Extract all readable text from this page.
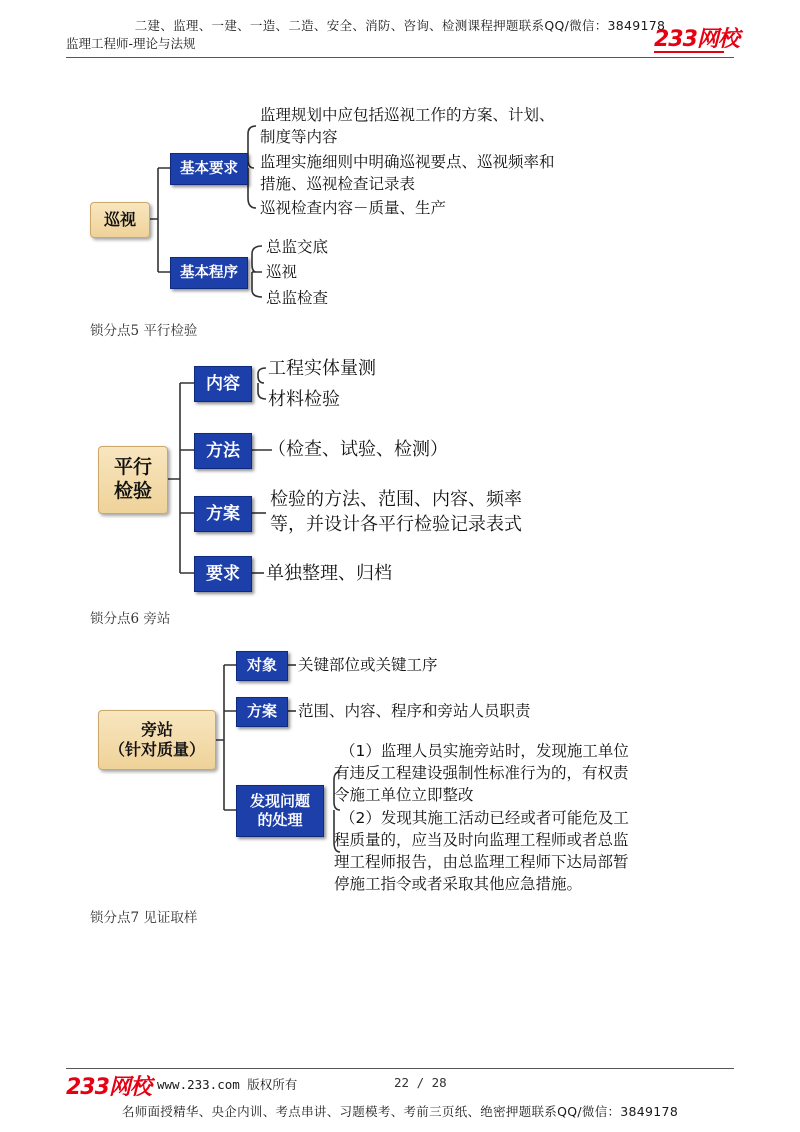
二建、监理、一建、一造、二造、安全、消防、咨询、检测课程押题联系QQ/微信：3849178
监理工程师-理论与法规	233网校
巡视
基本要求
基本程序
监理规划中应包括巡视工作的方案、计划、
制度等内容
监理实施细则中明确巡视要点、巡视频率和
措施、巡视检查记录表
巡视检查内容－质量、生产
总监交底
巡视
总监检查
锁分点5 平行检验
平行
检验
内容
方法
方案
要求
工程实体量测
材料检验
（检查、试验、检测）
检验的方法、范围、内容、频率
等，并设计各平行检验记录表式
单独整理、归档
锁分点6 旁站
旁站
（针对质量）
对象
方案
发现问题
的处理
关键部位或关键工序
范围、内容、程序和旁站人员职责
（1）监理人员实施旁站时，发现施工单位
有违反工程建设强制性标准行为的，有权责
令施工单位立即整改
（2）发现其施工活动已经或者可能危及工
程质量的，应当及时向监理工程师或者总监
理工程师报告，由总监理工程师下达局部暂
停施工指令或者采取其他应急措施。
锁分点7 见证取样
233网校 www.233.com 版权所有	22 / 28
名师面授精华、央企内训、考点串讲、习题模考、考前三页纸、绝密押题联系QQ/微信：3849178
